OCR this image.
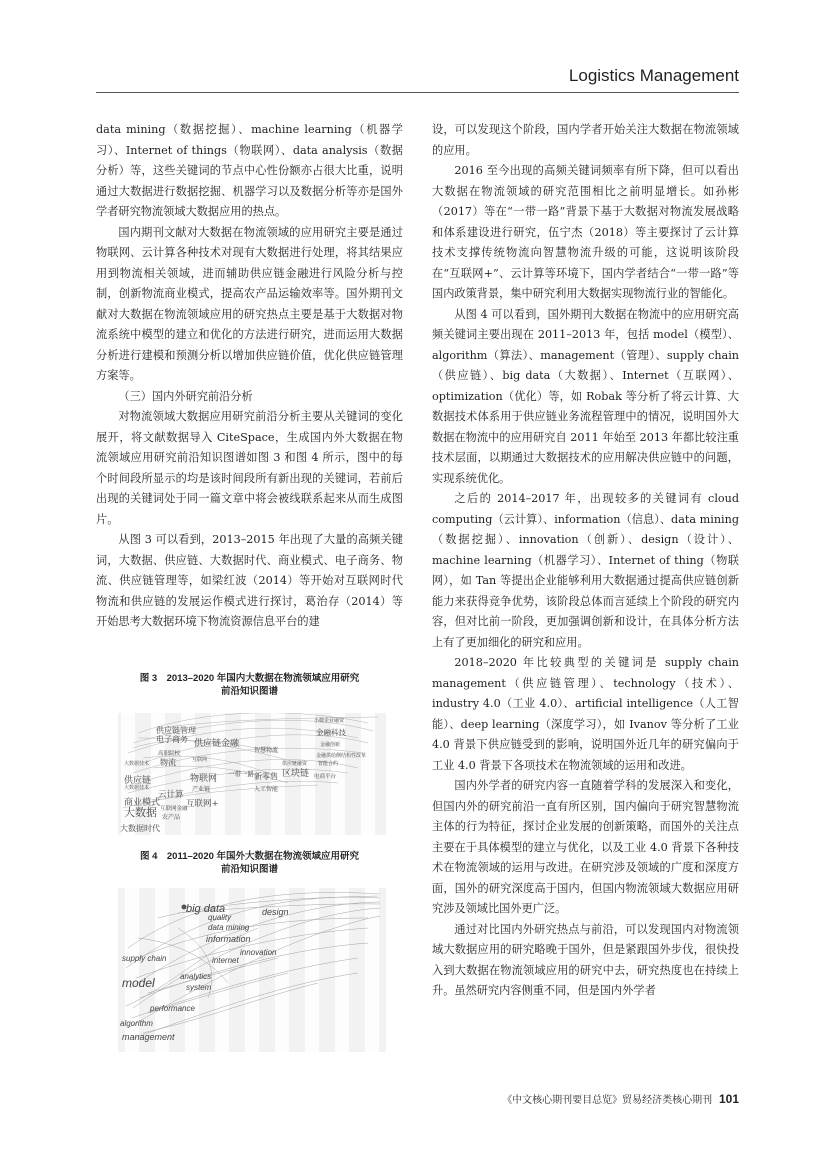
Logistics Management

data mining（数据挖掘）、machine learning（机器学习）、Internet of things（物联网）、data analysis（数据分析）等，这些关键词的节点中心性份额亦占很大比重，说明通过大数据进行数据挖掘、机器学习以及数据分析等亦是国外学者研究物流领域大数据应用的热点。

国内期刊文献对大数据在物流领域的应用研究主要是通过物联网、云计算各种技术对现有大数据进行处理，将其结果应用到物流相关领域，进而辅助供应链金融进行风险分析与控制，创新物流商业模式，提高农产品运输效率等。国外期刊文献对大数据在物流领域应用的研究热点主要是基于大数据对物流系统中模型的建立和优化的方法进行研究，进而运用大数据分析进行建模和预测分析以增加供应链价值，优化供应链管理方案等。

（三）国内外研究前沿分析

对物流领域大数据应用研究前沿分析主要从关键词的变化展开，将文献数据导入 CiteSpace，生成国内外大数据在物流领域应用研究前沿知识图谱如图 3 和图 4 所示，图中的每个时间段所显示的均是该时间段所有新出现的关键词，若前后出现的关键词处于同一篇文章中将会被线联系起来从而生成图片。

从图 3 可以看到，2013–2015 年出现了大量的高频关键词，大数据、供应链、大数据时代、商业模式、电子商务、物流、供应链管理等，如梁红波（2014）等开始对互联网时代物流和供应链的发展运作模式进行探讨，葛治存（2014）等开始思考大数据环境下物流资源信息平台的建

图 3　2013–2020 年国内大数据在物流领域应用研究
前沿知识图谱
供应链管理
电子商务 供应链金融
高职院校
物流
大数据技术
互联网
供应链
大数据技术
云计算
商业模式
大数据 农产品
大数据时代
物联网
产业链
一带一路 新零售 区块链
人工智能
智慧物流
金融科技
小微企业融资
金融创新
供应链融资
电商平台
智能合约
金融供给侧结构性改革
互联网+
互联网金融
图 4　2011–2020 年国外大数据在物流领域应用研究
前沿知识图谱
big data
quality
data mining
design
information
supply chain
innovation
internet
model	analytics
system
performance
algorithm
management

设，可以发现这个阶段，国内学者开始关注大数据在物流领域的应用。

2016 至今出现的高频关键词频率有所下降，但可以看出大数据在物流领域的研究范围相比之前明显增长。如孙彬（2017）等在“一带一路”背景下基于大数据对物流发展战略和体系建设进行研究，伍宁杰（2018）等主要探讨了云计算技术支撑传统物流向智慧物流升级的可能，这说明该阶段在“互联网+”、云计算等环境下，国内学者结合“一带一路”等国内政策背景，集中研究利用大数据实现物流行业的智能化。

从图 4 可以看到，国外期刊大数据在物流中的应用研究高频关键词主要出现在 2011–2013 年，包括 model（模型）、algorithm（算法）、management（管理）、supply chain（供应链）、big data（大数据）、Internet（互联网）、optimization（优化）等，如 Robak 等分析了将云计算、大数据技术体系用于供应链业务流程管理中的情况，说明国外大数据在物流中的应用研究自 2011 年始至 2013 年都比较注重技术层面，以期通过大数据技术的应用解决供应链中的问题，实现系统优化。

之后的 2014–2017 年，出现较多的关键词有 cloud computing（云计算）、information（信息）、data mining（数据挖掘）、innovation（创新）、design（设计）、machine learning（机器学习）、Internet of thing（物联网），如 Tan 等提出企业能够利用大数据通过提高供应链创新能力来获得竞争优势，该阶段总体而言延续上个阶段的研究内容，但对比前一阶段，更加强调创新和设计，在具体分析方法上有了更加细化的研究和应用。

2018–2020 年比较典型的关键词是 supply chain management（供应链管理）、technology（技术）、industry 4.0（工业 4.0）、artificial intelligence（人工智能）、deep learning（深度学习），如 Ivanov 等分析了工业 4.0 背景下供应链受到的影响，说明国外近几年的研究偏向于工业 4.0 背景下各项技术在物流领域的运用和改进。

国内外学者的研究内容一直随着学科的发展深入和变化，但国内外的研究前沿一直有所区别，国内偏向于研究智慧物流主体的行为特征，探讨企业发展的创新策略，而国外的关注点主要在于具体模型的建立与优化，以及工业 4.0 背景下各种技术在物流领域的运用与改进。在研究涉及领域的广度和深度方面，国外的研究深度高于国内，但国内物流领域大数据应用研究涉及领域比国外更广泛。

通过对比国内外研究热点与前沿，可以发现国内对物流领域大数据应用的研究略晚于国外，但是紧跟国外步伐，很快投入到大数据在物流领域应用的研究中去，研究热度也在持续上升。虽然研究内容侧重不同，但是国内外学者

《中文核心期刊要目总览》贸易经济类核心期刊 101
